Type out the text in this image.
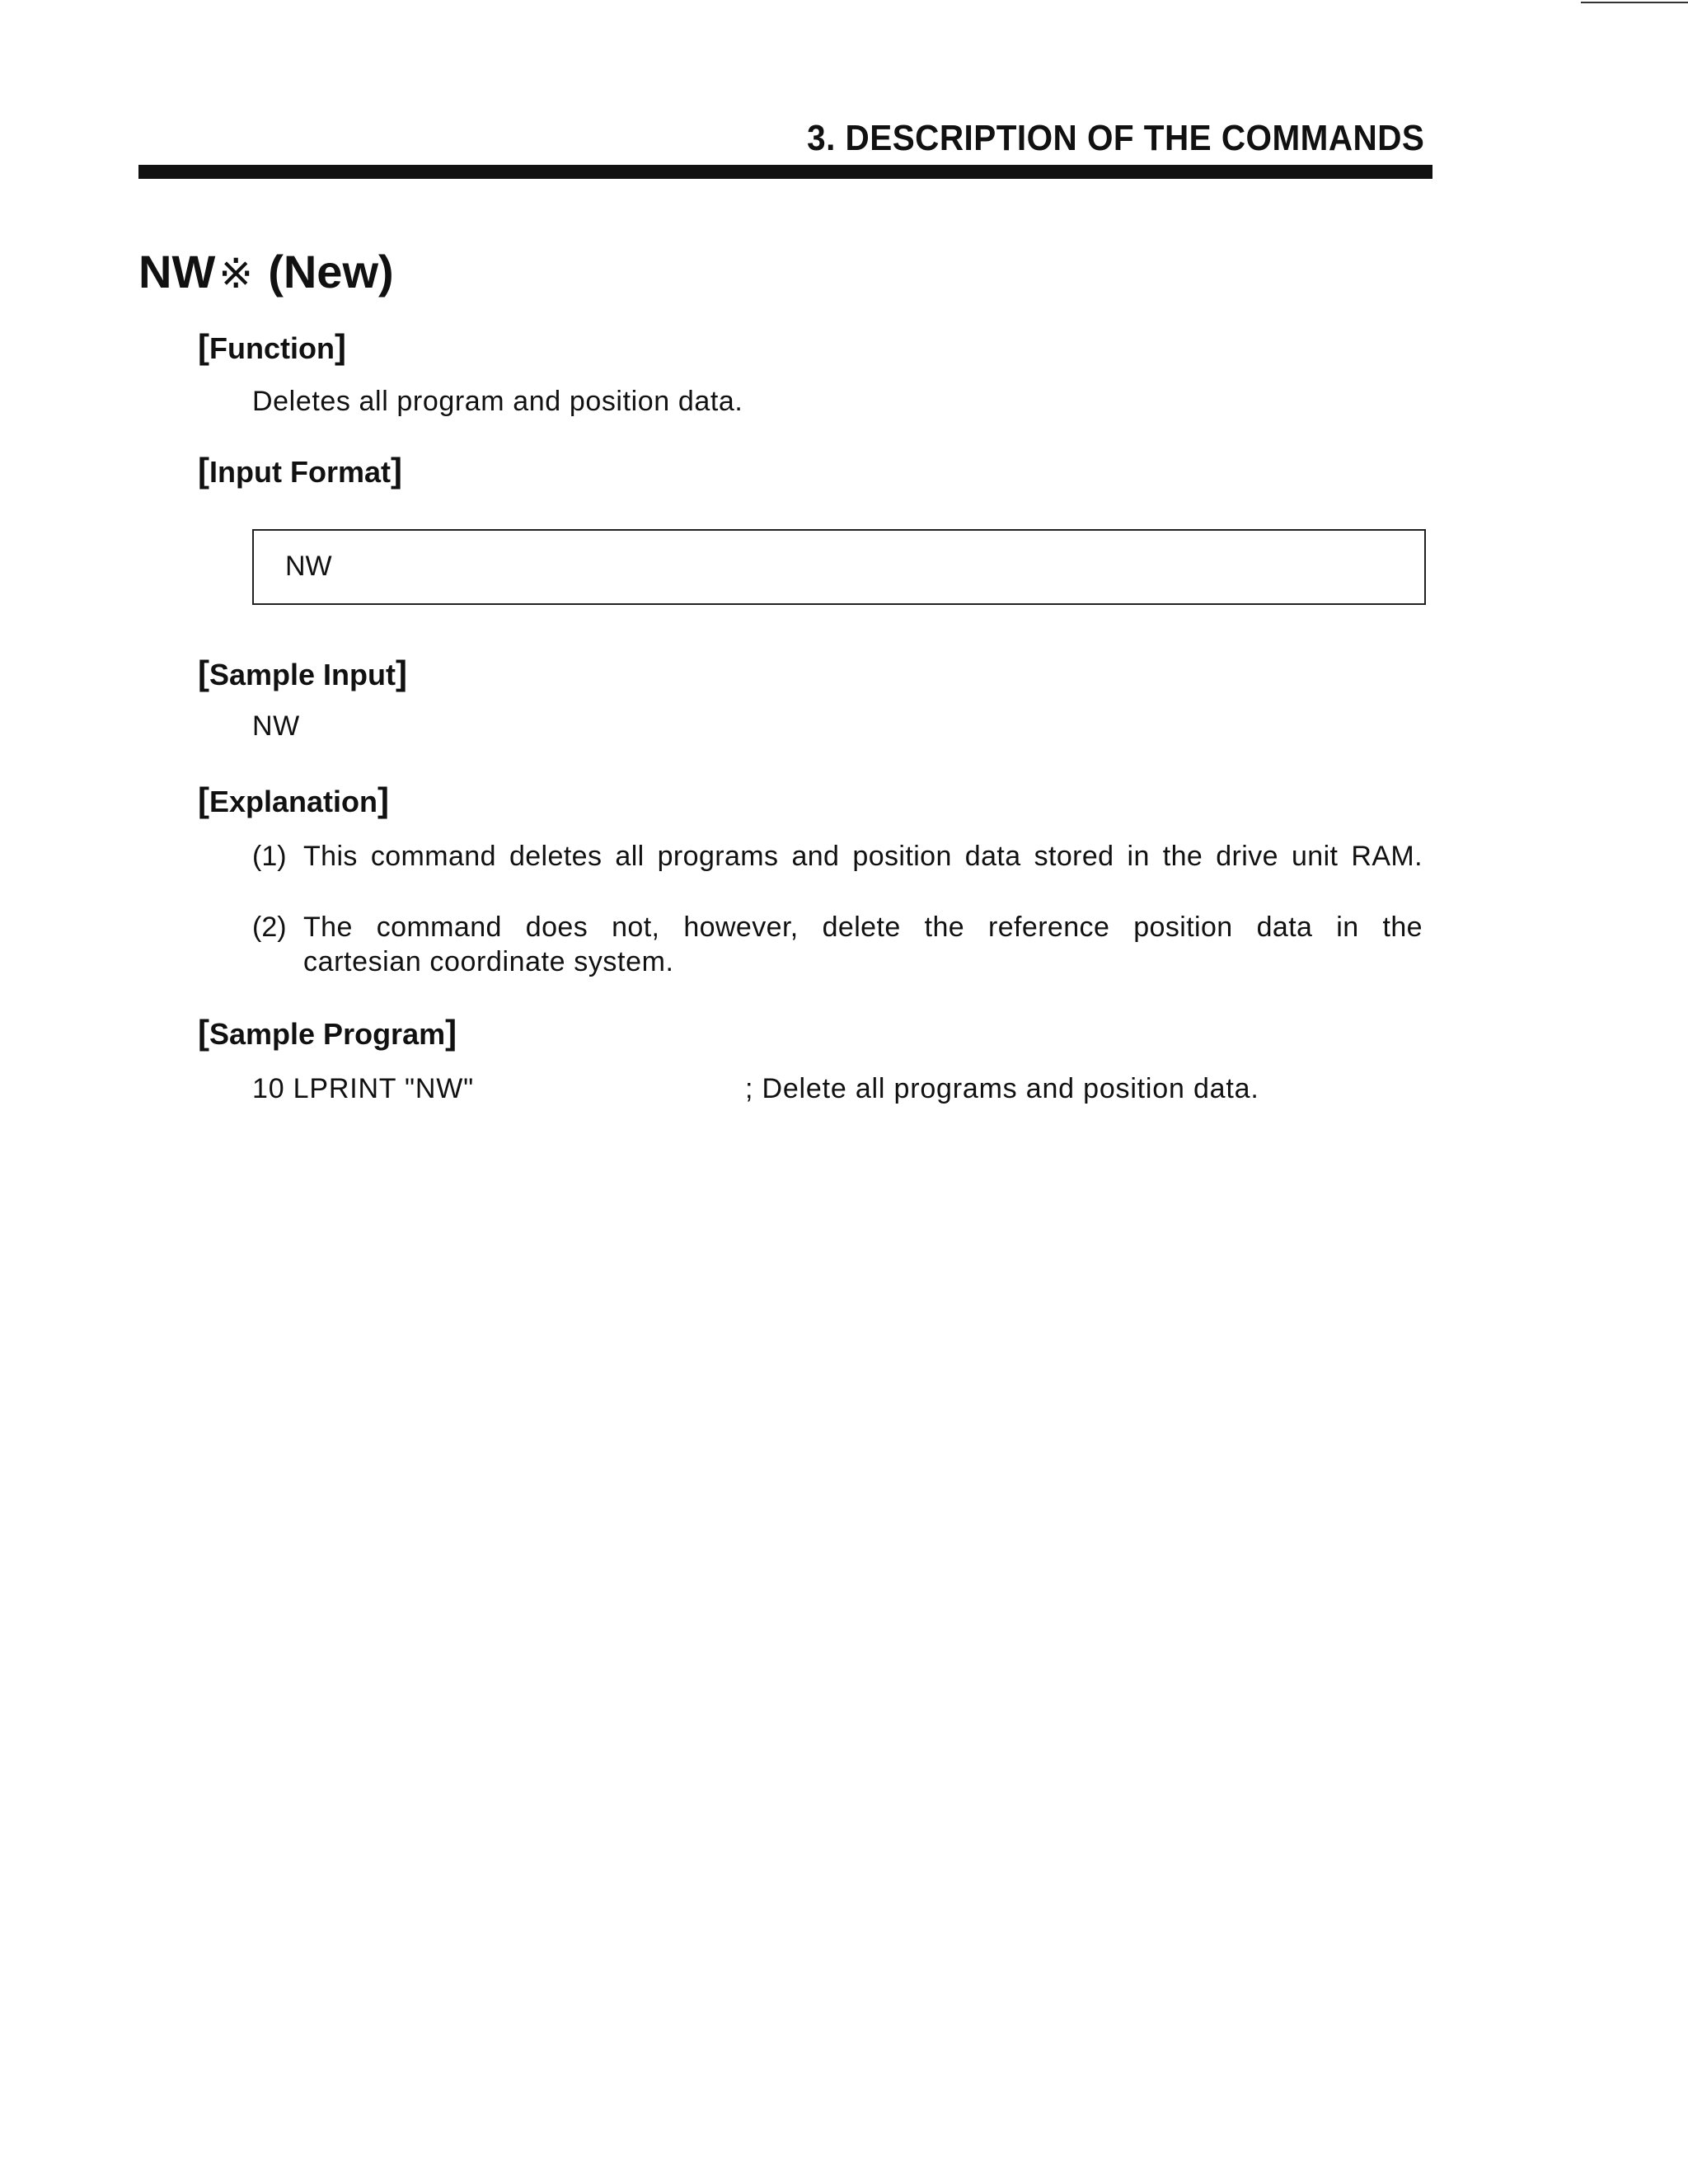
3. DESCRIPTION OF THE COMMANDS
NW※ (New)
[Function]
Deletes all program and position data.
[Input Format]
NW
[Sample Input]
NW
[Explanation]
(1) This command deletes all programs and position data stored in the drive unit RAM.
(2) The command does not, however, delete the reference position data in the
cartesian coordinate system.
[Sample Program]
10 LPRINT "NW"	; Delete all programs and position data.
